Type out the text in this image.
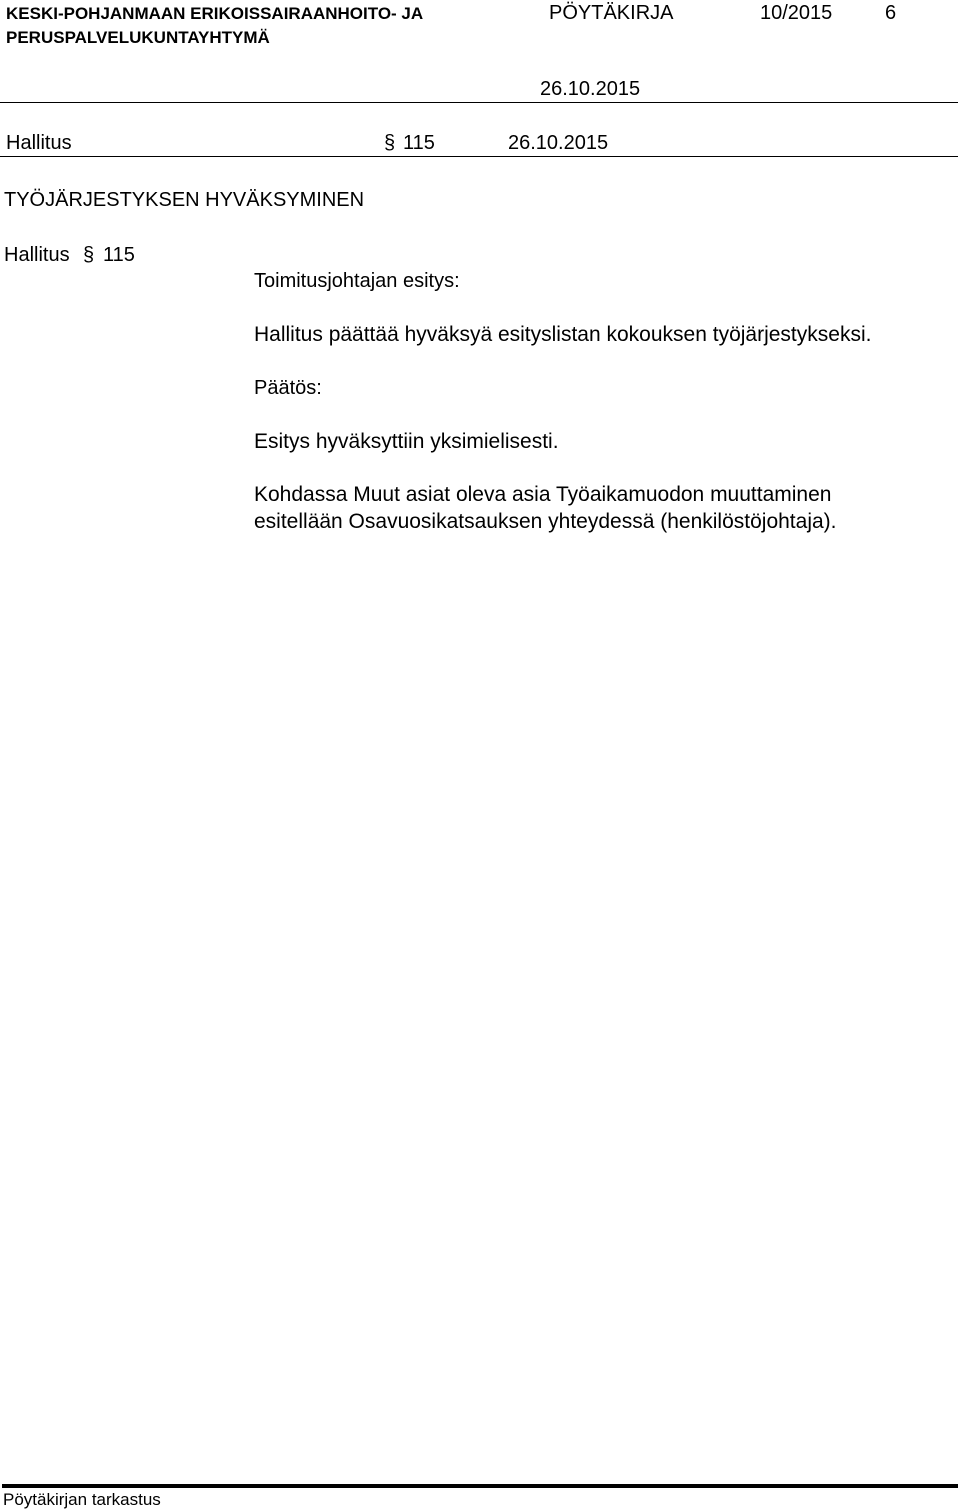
KESKI-POHJANMAAN ERIKOISSAIRAANHOITO- JA
PERUSPALVELUKUNTAYHTYMÄ
PÖYTÄKIRJA	10/2015	6
26.10.2015
Hallitus	§ 115	26.10.2015
TYÖJÄRJESTYKSEN HYVÄKSYMINEN
Hallitus § 115
Toimitusjohtajan esitys:
Hallitus päättää hyväksyä esityslistan kokouksen työjärjestykseksi.
Päätös:
Esitys hyväksyttiin yksimielisesti.
Kohdassa Muut asiat oleva asia Työaikamuodon muuttaminen
esitellään Osavuosikatsauksen yhteydessä (henkilöstöjohtaja).
Pöytäkirjan tarkastus
